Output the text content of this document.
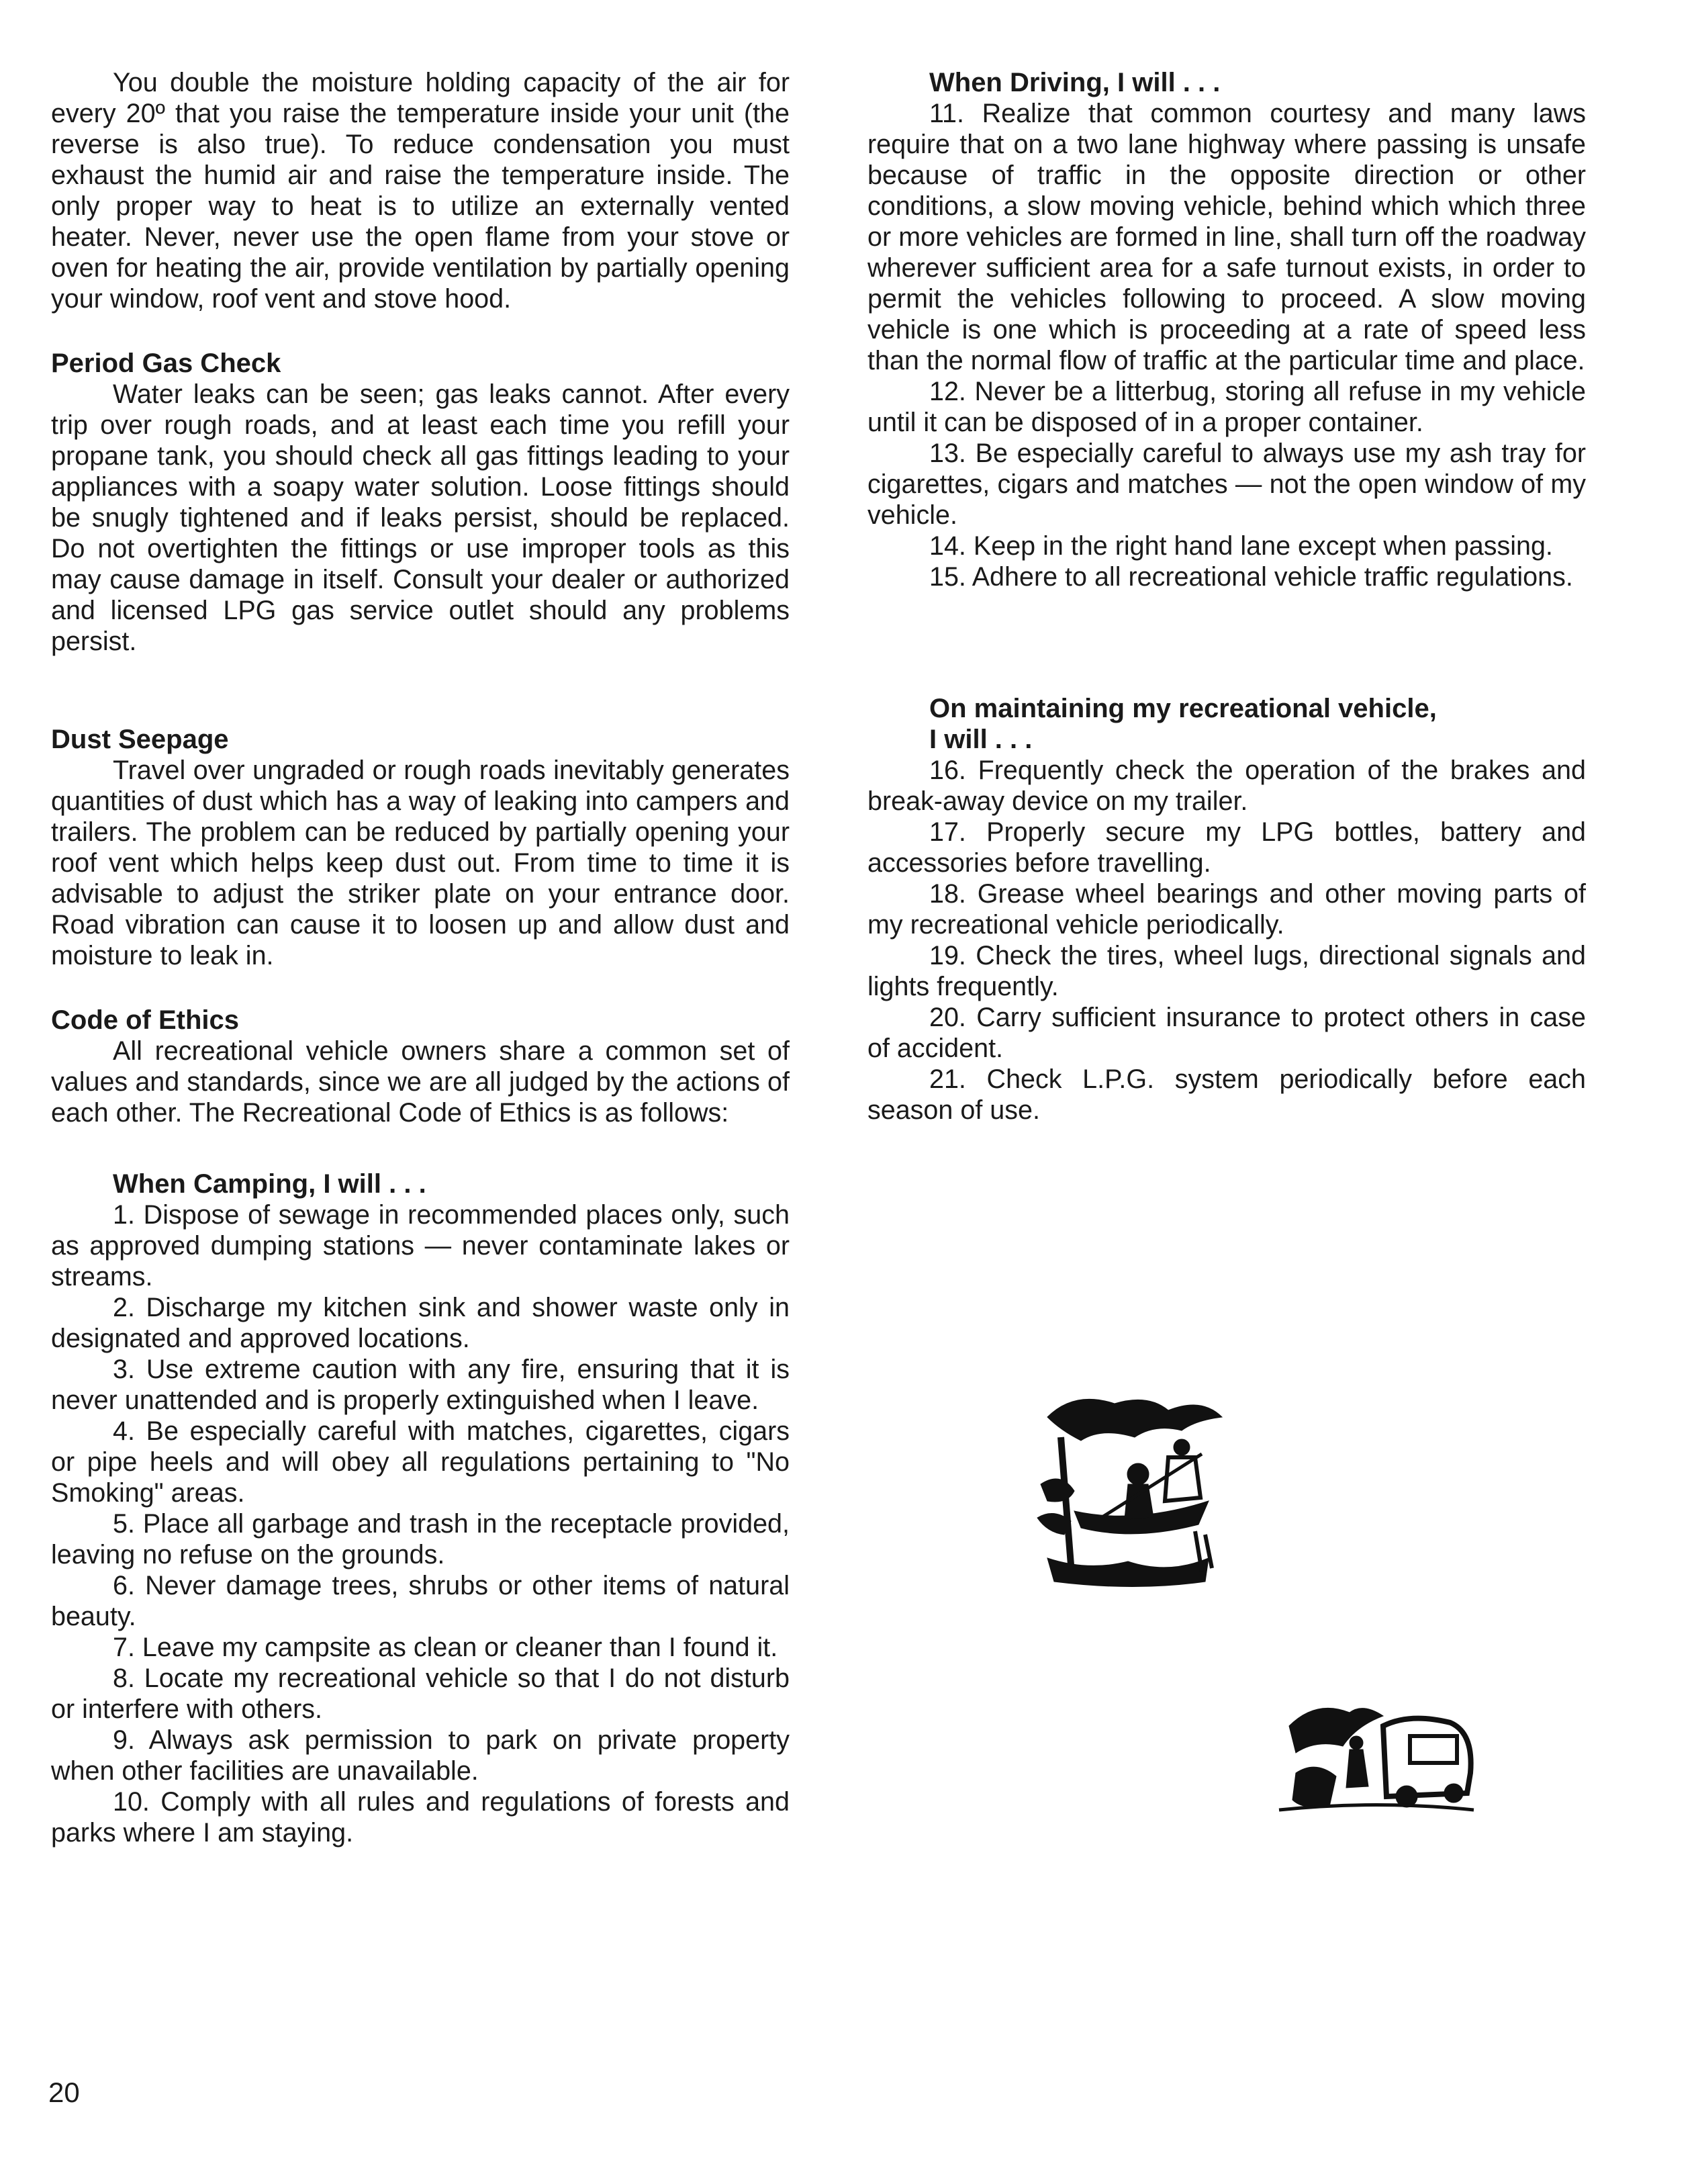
You double the moisture holding capacity of the air for every 20º that you raise the temperature inside your unit (the reverse is also true). To reduce condensation you must exhaust the humid air and raise the temperature inside. The only proper way to heat is to utilize an externally vented heater. Never, never use the open flame from your stove or oven for heating the air, provide ventilation by partially opening your window, roof vent and stove hood.

Period Gas Check

Water leaks can be seen; gas leaks cannot. After every trip over rough roads, and at least each time you refill your propane tank, you should check all gas fittings leading to your appliances with a soapy water solution. Loose fittings should be snugly tightened and if leaks persist, should be replaced. Do not overtighten the fittings or use improper tools as this may cause damage in itself. Consult your dealer or authorized and licensed LPG gas service outlet should any problems persist.

Dust Seepage

Travel over ungraded or rough roads inevitably generates quantities of dust which has a way of leaking into campers and trailers. The problem can be reduced by partially opening your roof vent which helps keep dust out. From time to time it is advisable to adjust the striker plate on your entrance door. Road vibration can cause it to loosen up and allow dust and moisture to leak in.

Code of Ethics

All recreational vehicle owners share a common set of values and standards, since we are all judged by the actions of each other. The Recreational Code of Ethics is as follows:

When Camping, I will . . .

1. Dispose of sewage in recommended places only, such as approved dumping stations — never contaminate lakes or streams.

2. Discharge my kitchen sink and shower waste only in designated and approved locations.

3. Use extreme caution with any fire, ensuring that it is never unattended and is properly extinguished when I leave.

4. Be especially careful with matches, cigarettes, cigars or pipe heels and will obey all regulations pertaining to "No Smoking" areas.

5. Place all garbage and trash in the receptacle provided, leaving no refuse on the grounds.

6. Never damage trees, shrubs or other items of natural beauty.

7. Leave my campsite as clean or cleaner than I found it.

8. Locate my recreational vehicle so that I do not disturb or interfere with others.

9. Always ask permission to park on private property when other facilities are unavailable.

10. Comply with all rules and regulations of forests and parks where I am staying.

When Driving, I will . . .

11. Realize that common courtesy and many laws require that on a two lane highway where passing is unsafe because of traffic in the opposite direction or other conditions, a slow moving vehicle, behind which which three or more vehicles are formed in line, shall turn off the roadway wherever sufficient area for a safe turnout exists, in order to permit the vehicles following to proceed. A slow moving vehicle is one which is proceeding at a rate of speed less than the normal flow of traffic at the particular time and place.

12. Never be a litterbug, storing all refuse in my vehicle until it can be disposed of in a proper container.

13. Be especially careful to always use my ash tray for cigarettes, cigars and matches — not the open window of my vehicle.

14. Keep in the right hand lane except when passing.

15. Adhere to all recreational vehicle traffic regulations.

On maintaining my recreational vehicle,
I will . . .

16. Frequently check the operation of the brakes and break-away device on my trailer.

17. Properly secure my LPG bottles, battery and accessories before travelling.

18. Grease wheel bearings and other moving parts of my recreational vehicle periodically.

19. Check the tires, wheel lugs, directional signals and lights frequently.

20. Carry sufficient insurance to protect others in case of accident.

21. Check L.P.G. system periodically before each season of use.

20
